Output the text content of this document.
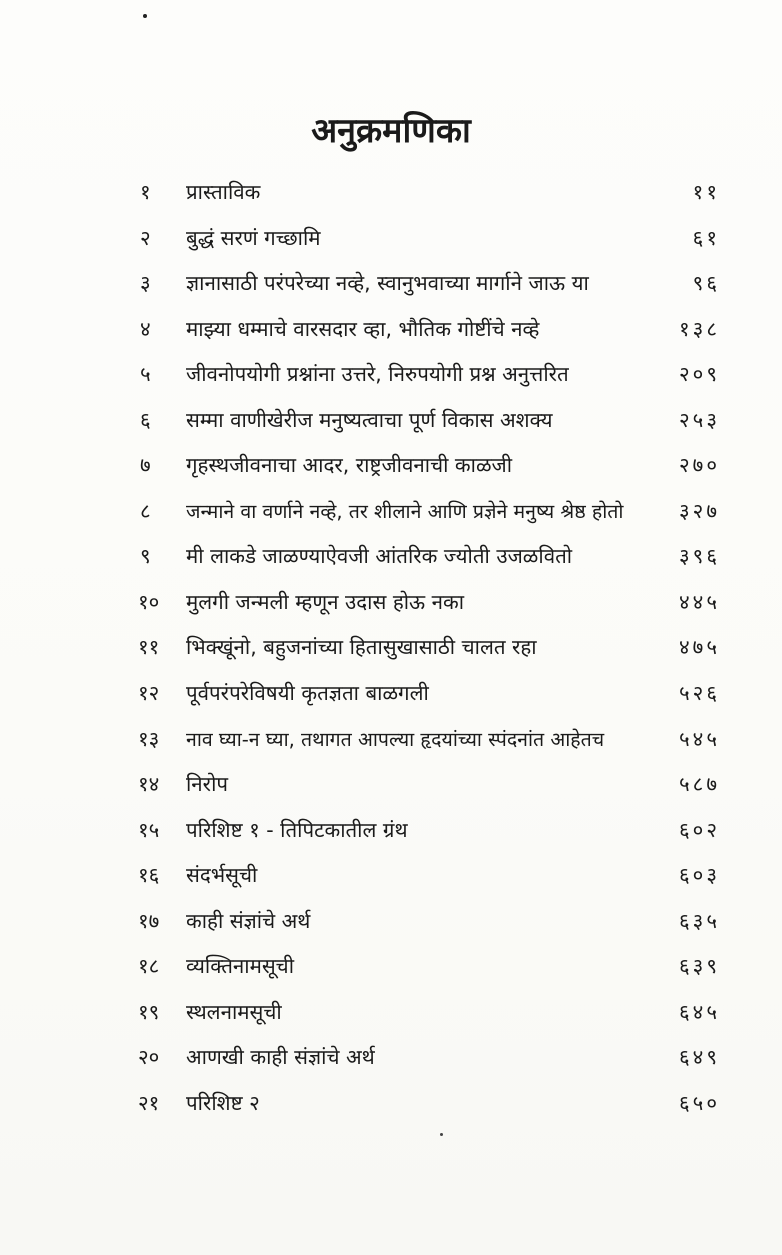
अनुक्रमणिका
१	प्रास्ताविक	११
२	बुद्धं सरणं गच्छामि	६१
३	ज्ञानासाठी परंपरेच्या नव्हे, स्वानुभवाच्या मार्गाने जाऊ या	९६
४	माझ्या धम्माचे वारसदार व्हा, भौतिक गोष्टींचे नव्हे	१३८
५	जीवनोपयोगी प्रश्नांना उत्तरे, निरुपयोगी प्रश्न अनुत्तरित	२०९
६	सम्मा वाणीखेरीज मनुष्यत्वाचा पूर्ण विकास अशक्य	२५३
७	गृहस्थजीवनाचा आदर, राष्ट्रजीवनाची काळजी	२७०
८	जन्माने वा वर्णाने नव्हे, तर शीलाने आणि प्रज्ञेने मनुष्य श्रेष्ठ होतो	३२७
९	मी लाकडे जाळण्याऐवजी आंतरिक ज्योती उजळवितो	३९६
१०	मुलगी जन्मली म्हणून उदास होऊ नका	४४५
११	भिक्खूंनो, बहुजनांच्या हितासुखासाठी चालत रहा	४७५
१२	पूर्वपरंपरेविषयी कृतज्ञता बाळगली	५२६
१३	नाव घ्या-न घ्या, तथागत आपल्या हृदयांच्या स्पंदनांत आहेतच	५४५
१४	निरोप	५८७
१५	परिशिष्ट १ - तिपिटकातील ग्रंथ	६०२
१६	संदर्भसूची	६०३
१७	काही संज्ञांचे अर्थ	६३५
१८	व्यक्तिनामसूची	६३९
१९	स्थलनामसूची	६४५
२०	आणखी काही संज्ञांचे अर्थ	६४९
२१	परिशिष्ट २	६५०
